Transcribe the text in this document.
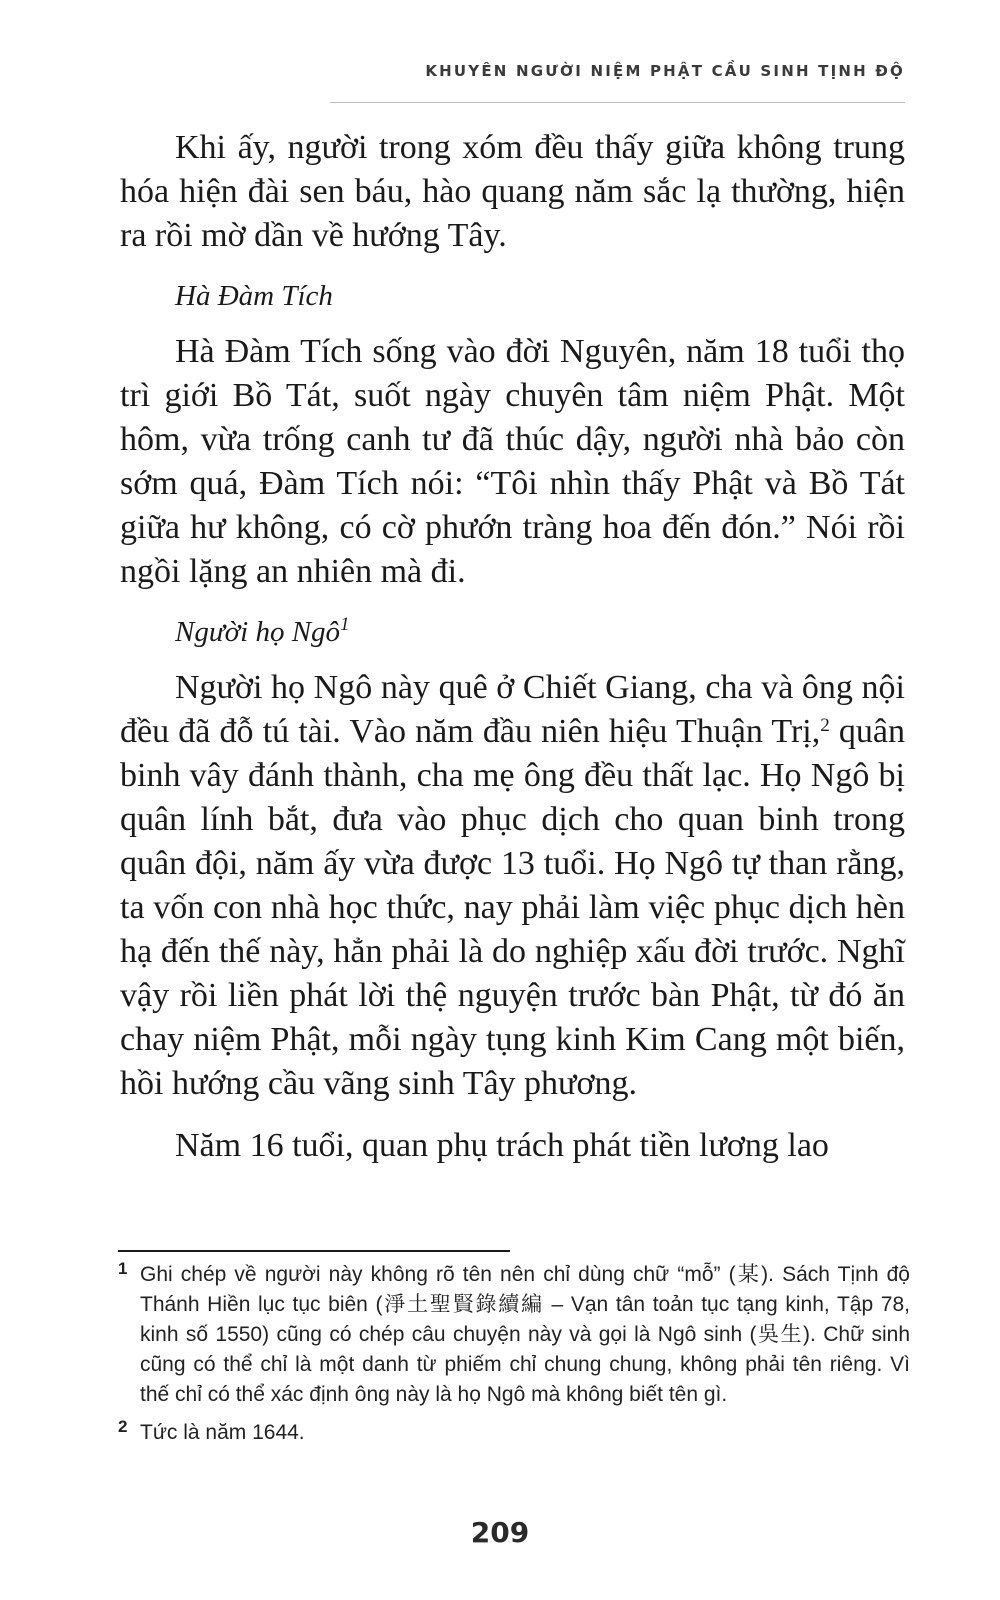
KHUYÊN NGƯỜI NIỆM PHẬT CẦU SINH TỊNH ĐỘ

Khi ấy, người trong xóm đều thấy giữa không trung hóa hiện đài sen báu, hào quang năm sắc lạ thường, hiện ra rồi mờ dần về hướng Tây.

Hà Đàm Tích

Hà Đàm Tích sống vào đời Nguyên, năm 18 tuổi thọ trì giới Bồ Tát, suốt ngày chuyên tâm niệm Phật. Một hôm, vừa trống canh tư đã thúc dậy, người nhà bảo còn sớm quá, Đàm Tích nói: “Tôi nhìn thấy Phật và Bồ Tát giữa hư không, có cờ phướn tràng hoa đến đón.” Nói rồi ngồi lặng an nhiên mà đi.

Người họ Ngô$^1$

Người họ Ngô này quê ở Chiết Giang, cha và ông nội đều đã đỗ tú tài. Vào năm đầu niên hiệu Thuận Trị,$^2$ quân binh vây đánh thành, cha mẹ ông đều thất lạc. Họ Ngô bị quân lính bắt, đưa vào phục dịch cho quan binh trong quân đội, năm ấy vừa được 13 tuổi. Họ Ngô tự than rằng, ta vốn con nhà học thức, nay phải làm việc phục dịch hèn hạ đến thế này, hẳn phải là do nghiệp xấu đời trước. Nghĩ vậy rồi liền phát lời thệ nguyện trước bàn Phật, từ đó ăn chay niệm Phật, mỗi ngày tụng kinh Kim Cang một biến, hồi hướng cầu vãng sinh Tây phương.

Năm 16 tuổi, quan phụ trách phát tiền lương lao

1 Ghi chép về người này không rõ tên nên chỉ dùng chữ “mỗ” (某). Sách Tịnh độ Thánh Hiền lục tục biên (淨土聖賢錄續編 – Vạn tân toản tục tạng kinh, Tập 78, kinh số 1550) cũng có chép câu chuyện này và gọi là Ngô sinh (吳生). Chữ sinh cũng có thể chỉ là một danh từ phiếm chỉ chung chung, không phải tên riêng. Vì thế chỉ có thể xác định ông này là họ Ngô mà không biết tên gì.
2 Tức là năm 1644.
209
